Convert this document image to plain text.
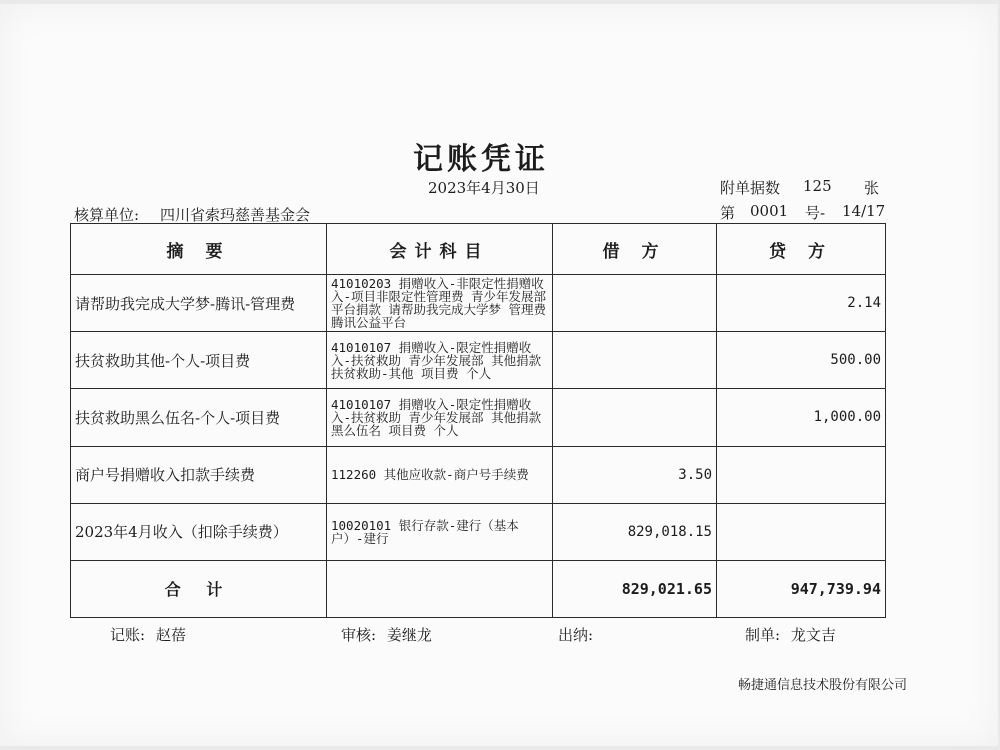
记账凭证
2023年4月30日	附单据数 125 张
核算单位: 四川省索玛慈善基金会	第 0001 号- 14/17
摘 要	会计科目	借 方	贷 方
请帮助我完成大学梦-腾讯-管理费	41010203 捐赠收入-非限定性捐赠收入-项目非限定性管理费 青少年发展部 平台捐款 请帮助我完成大学梦 管理费 腾讯公益平台		2.14
扶贫救助其他-个人-项目费	41010107 捐赠收入-限定性捐赠收入-扶贫救助 青少年发展部 其他捐款 扶贫救助-其他 项目费 个人		500.00
扶贫救助黑么伍名-个人-项目费	41010107 捐赠收入-限定性捐赠收入-扶贫救助 青少年发展部 其他捐款 黑么伍名 项目费 个人		1,000.00
商户号捐赠收入扣款手续费	112260 其他应收款-商户号手续费	3.50	
2023年4月收入（扣除手续费）	10020101 银行存款-建行（基本户）-建行	829,018.15	
合 计		829,021.65	947,739.94
记账: 赵蓓	审核: 姜继龙	出纳:	制单: 龙文吉
畅捷通信息技术股份有限公司
